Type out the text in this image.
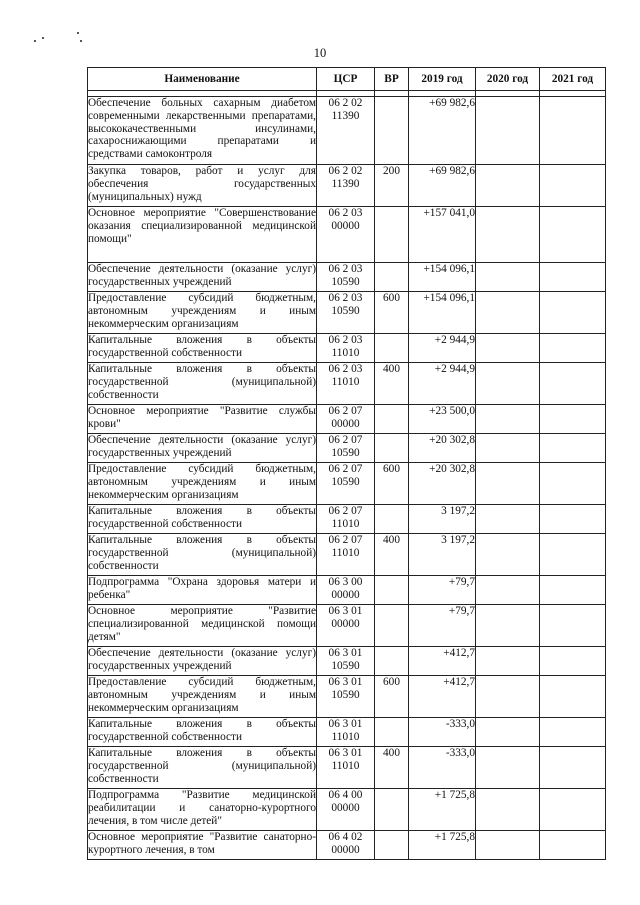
10
Наименование	ЦСР	ВР	2019 год	2020 год	2021 год

Обеспечение больных сахарным диабетом современными лекарственными препаратами, высококачественными инсулинами, сахароснижающими препаратами и средствами самоконтроля	06 2 02 11390		+69 982,6		
Закупка товаров, работ и услуг для обеспечения государственных (муниципальных) нужд	06 2 02 11390	200	+69 982,6		
Основное мероприятие "Совершенствование оказания специализированной медицинской помощи"	06 2 03 00000		+157 041,0		
Обеспечение деятельности (оказание услуг) государственных учреждений	06 2 03 10590		+154 096,1		
Предоставление субсидий бюджетным, автономным учреждениям и иным некоммерческим организациям	06 2 03 10590	600	+154 096,1		
Капитальные вложения в объекты государственной собственности	06 2 03 11010		+2 944,9		
Капитальные вложения в объекты государственной (муниципальной) собственности	06 2 03 11010	400	+2 944,9		
Основное мероприятие "Развитие службы крови"	06 2 07 00000		+23 500,0		
Обеспечение деятельности (оказание услуг) государственных учреждений	06 2 07 10590		+20 302,8		
Предоставление субсидий бюджетным, автономным учреждениям и иным некоммерческим организациям	06 2 07 10590	600	+20 302,8		
Капитальные вложения в объекты государственной собственности	06 2 07 11010		3 197,2		
Капитальные вложения в объекты государственной (муниципальной) собственности	06 2 07 11010	400	3 197,2		
Подпрограмма "Охрана здоровья матери и ребенка"	06 3 00 00000		+79,7		
Основное мероприятие "Развитие специализированной медицинской помощи детям"	06 3 01 00000		+79,7		
Обеспечение деятельности (оказание услуг) государственных учреждений	06 3 01 10590		+412,7		
Предоставление субсидий бюджетным, автономным учреждениям и иным некоммерческим организациям	06 3 01 10590	600	+412,7		
Капитальные вложения в объекты государственной собственности	06 3 01 11010		-333,0		
Капитальные вложения в объекты государственной (муниципальной) собственности	06 3 01 11010	400	-333,0		
Подпрограмма "Развитие медицинской реабилитации и санаторно-курортного лечения, в том числе детей"	06 4 00 00000		+1 725,8		
Основное мероприятие "Развитие санаторно-курортного лечения, в том	06 4 02 00000		+1 725,8		
